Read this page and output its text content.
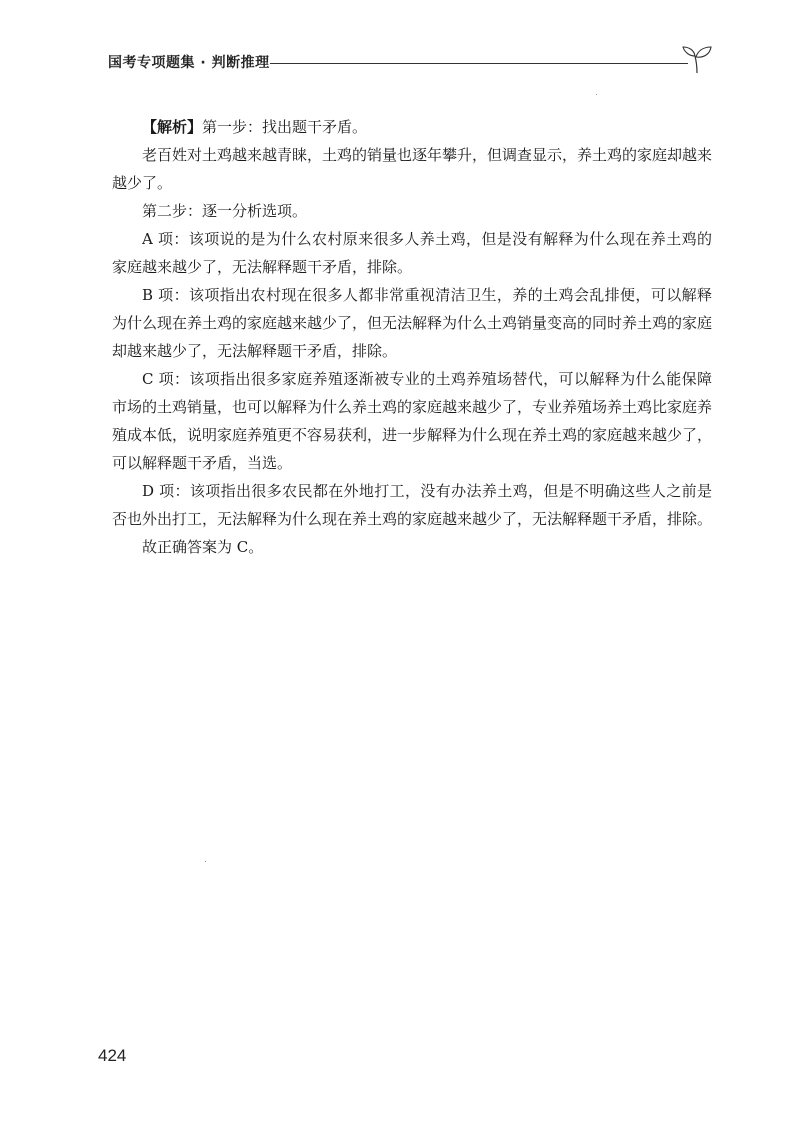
国考专项题集 · 判断推理

【解析】第一步：找出题干矛盾。

老百姓对土鸡越来越青睐，土鸡的销量也逐年攀升，但调查显示，养土鸡的家庭却越来越少了。

第二步：逐一分析选项。

A 项：该项说的是为什么农村原来很多人养土鸡，但是没有解释为什么现在养土鸡的家庭越来越少了，无法解释题干矛盾，排除。

B 项：该项指出农村现在很多人都非常重视清洁卫生，养的土鸡会乱排便，可以解释为什么现在养土鸡的家庭越来越少了，但无法解释为什么土鸡销量变高的同时养土鸡的家庭却越来越少了，无法解释题干矛盾，排除。

C 项：该项指出很多家庭养殖逐渐被专业的土鸡养殖场替代，可以解释为什么能保障市场的土鸡销量，也可以解释为什么养土鸡的家庭越来越少了，专业养殖场养土鸡比家庭养殖成本低，说明家庭养殖更不容易获利，进一步解释为什么现在养土鸡的家庭越来越少了，可以解释题干矛盾，当选。

D 项：该项指出很多农民都在外地打工，没有办法养土鸡，但是不明确这些人之前是否也外出打工，无法解释为什么现在养土鸡的家庭越来越少了，无法解释题干矛盾，排除。

故正确答案为 C。

424
